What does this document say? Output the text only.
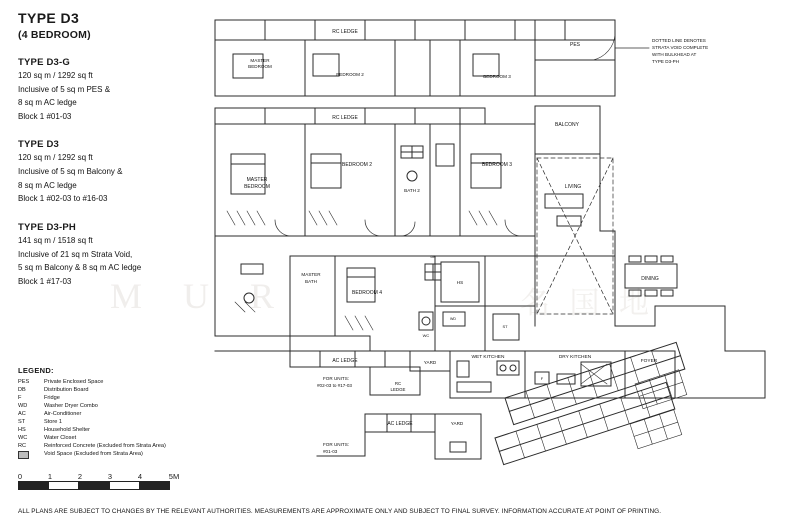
TYPE D3
(4 BEDROOM)
TYPE D3-G
120 sq m / 1292 sq ft
Inclusive of 5 sq m PES &
8 sq m AC ledge
Block 1 #01-03
TYPE D3
120 sq m / 1292 sq ft
Inclusive of 5 sq m Balcony &
8 sq m AC ledge
Block 1 #02-03 to #16-03
TYPE D3-PH
141 sq m / 1518 sq ft
Inclusive of 21 sq m Strata Void,
5 sq m Balcony & 8 sq m AC ledge
Block 1 #17-03
LEGEND:
PES	Private Enclosed Space
DB	Distribution Board
F	Fridge
WD	Washer Dryer Combo
AC	Air-Conditioner
ST	Store 1
HS	Household Shelter
WC	Water Closet
RC	Reinforced Concrete (Excluded from Strata Area)
	Void Space (Excluded from Strata Area)
0	1	2	3	4	5M
ALL PLANS ARE SUBJECT TO CHANGES BY THE RELEVANT AUTHORITIES. MEASUREMENTS ARE APPROXIMATE ONLY AND SUBJECT TO FINAL SURVEY. INFORMATION ACCURATE AT POINT OF PRINTING.
M U R	名 国 地
RC LEDGE
RC LEDGE
PES
BALCONY
MASTER
BEDROOM
BEDROOM 2	BEDROOM 3
MASTER
BEDROOM
BEDROOM 2	BEDROOM 3
BATH 2
LIVING
DINING
MASTER
BATH
BEDROOM 4
HS
WC
ST
DB
WD
F
AC LEDGE
RC
LEDGE
YARD
WET KITCHEN	DRY KITCHEN
FOYER
AC LEDGE	YARD
DOTTED LINE DENOTES
STRATA VOID COMPLETE
WITH BULKHEAD AT
TYPE D3-PH
FOR UNITS:
#02-03 to #17-03
FOR UNITS:
#01-03
